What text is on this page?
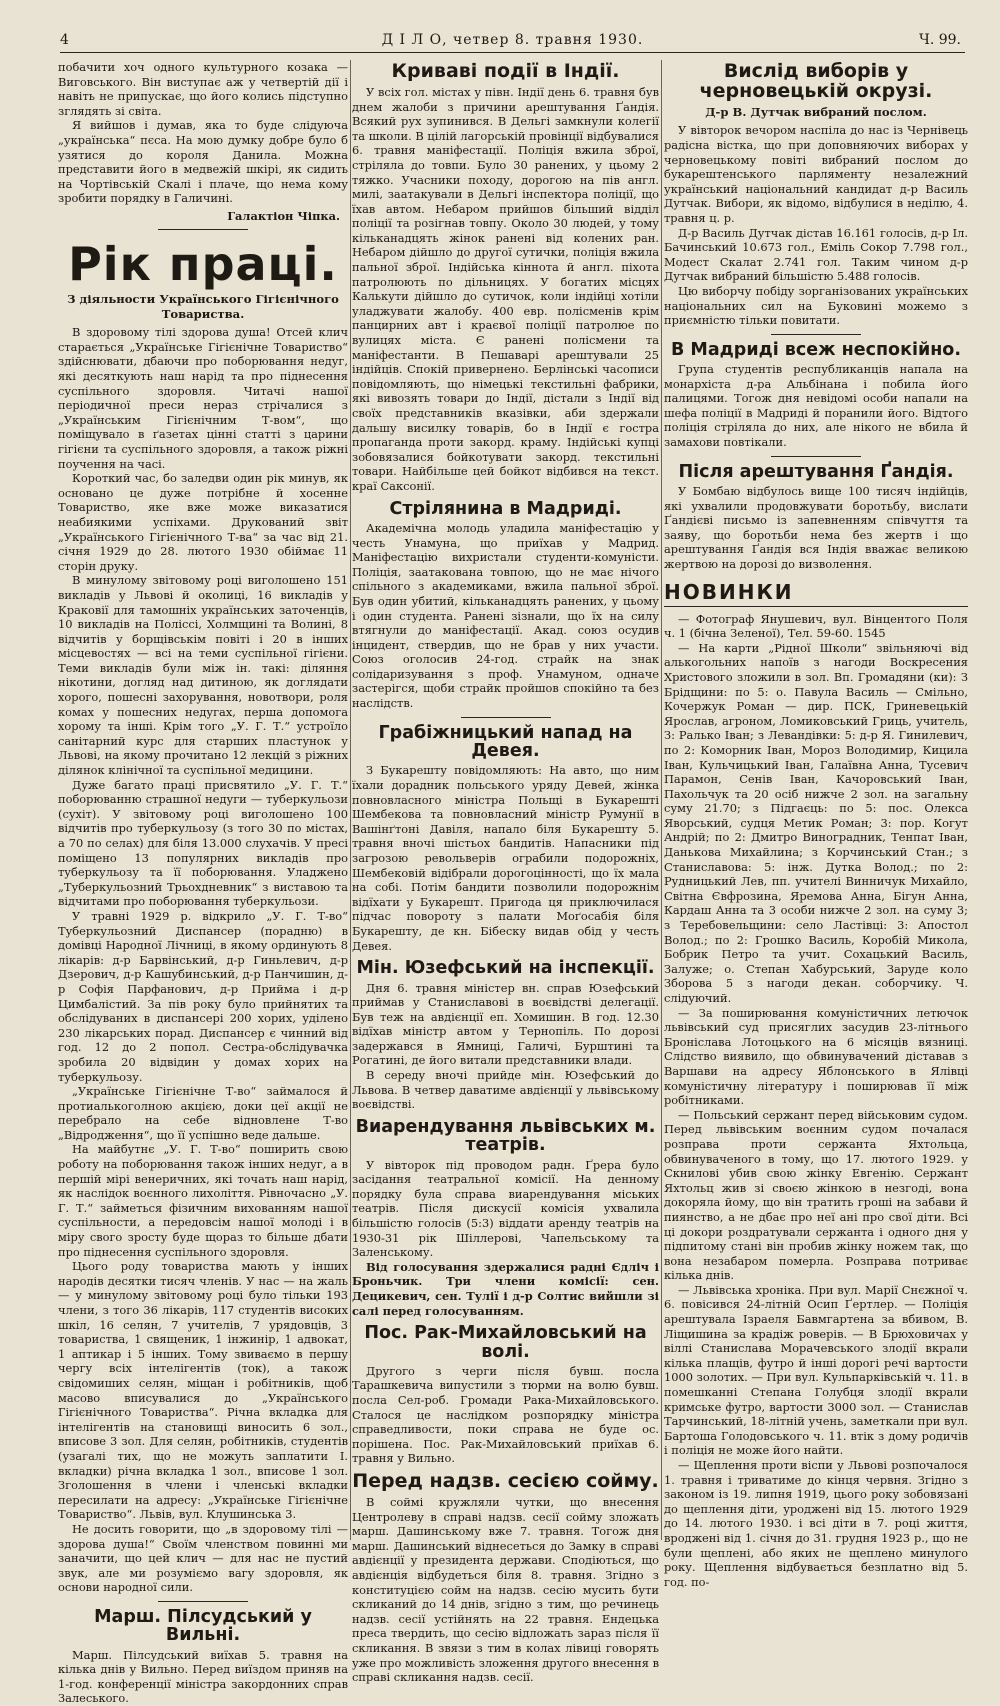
4	Д І Л О, четвер 8. травня 1930.	Ч. 99.

побачити хоч одного культурного козака — Виговського. Він виступає аж у четвертій дії і навіть не припускає, що його колись підступно зглядять зі світа.

Я вийшов і думав, яка то буде слідуюча „українська“ пєса. На мою думку добре було б узятися до короля Данила. Можна представити його в медвежій шкірі, як сидить на Чортівській Скалі і плаче, що нема кому зробити порядку в Галичині.

Галактіон Чіпка.
Рік праці.
З діяльности Українського Гігієнічного Товариства.

В здоровому тілі здорова душа! Отсей клич старається „Українське Гігієнічне Товариство“ здійснювати, дбаючи про поборювання недуг, які десяткують наш нарід та про піднесення суспільного здоровля. Читачі нашої періодичної преси нераз стрічалися з „Українським Гігієнічним Т-вом“, що поміщувало в ґазетах цінні статті з царини гігієни та суспільного здоровля, а також ріжні поучення на часі.

Короткий час, бо заледви один рік минув, як основано це дуже потрібне й хосенне Товариство, яке вже може виказатися неабиякими успіхами. Друкований звіт „Українського Гігієнічного Т-ва“ за час від 21. січня 1929 до 28. лютого 1930 обіймає 11 сторін друку.

В минулому звітовому році виголошено 151 викладів у Львові й околиці, 16 викладів у Краковії для тамошніх українських заточенців, 10 викладів на Поліссі, Холмщині та Волині, 8 відчитів у борщівськім повіті і 20 в інших місцевостях — всі на теми суспільної гігієни. Теми викладів були між ін. такі: діляння нікотини, догляд над дитиною, як доглядати хорого, пошесні захорування, новотвори, роля комах у пошесних недугах, перша допомога хорому та інші. Крім того „У. Г. Т.“ устроїло санітарний курс для старших пластунок у Львові, на якому прочитано 12 лекцій з ріжних ділянок клінічної та суспільної медицини.

Дуже багато праці присвятило „У. Г. Т.“ поборюванню страшної недуги — туберкульози (сухіт). У звітовому році виголошено 100 відчитів про туберкульозу (з того 30 по містах, а 70 по селах) для біля 13.000 слухачів. У пресі поміщено 13 популярних викладів про туберкульозу та її поборювання. Уладжено „Туберкульозний Трьохдневник“ з виставою та відчитами про поборювання туберкульози.

У травні 1929 р. відкрило „У. Г. Т-во“ Туберкульозний Диспансер (порадню) в домівці Народної Лічниці, в якому ординують 8 лікарів: д-р Барвінський, д-р Гиньлевич, д-р Дзерович, д-р Кашубинський, д-р Панчишин, д-р Софія Парфанович, д-р Прийма і д-р Цимбалістий. За пів року було прийнятих та обслідуваних в диспансері 200 хорих, уділено 230 лікарських порад. Диспансер є чинний від год. 12 до 2 попол. Сестра-обслідувачка зробила 20 відвідин у домах хорих на туберкульозу.

„Українське Гігієнічне Т-во“ займалося й протиалькоголною акцією, доки цеї акції не перебрало на себе відновлене Т-во „Відродження“, що її успішно веде дальше.

На майбутнє „У. Г. Т-во“ поширить свою роботу на поборювання також інших недуг, а в першій мірі венеричних, які точать наш нарід, як наслідок воєнного лихоліття. Рівночасно „У. Г. Т.“ займеться фізичним вихованням нашої суспільности, а передовсім нашої молоді і в міру свого зросту буде щораз то більше дбати про піднесення суспільного здоровля.

Цього роду товариства мають у інших народів десятки тисяч членів. У нас — на жаль — у минулому звітовому році було тільки 193 члени, з того 36 лікарів, 117 студентів високих шкіл, 16 селян, 7 учителів, 7 урядовців, 3 товариства, 1 священик, 1 інжинір, 1 адвокат, 1 аптикар і 5 інших. Тому звиваємо в першу чергу всіх інтелігентів (ток), а також свідомиших селян, міщан і робітників, щоб масово вписувалися до „Українського Гігієнічного Товариства“. Річна вкладка для інтелігентів на становищі виносить 6 зол., вписове 3 зол. Для селян, робітників, студентів (узагалі тих, що не можуть заплатити І. вкладки) річна вкладка 1 зол., вписове 1 зол. Зголошення в члени і членські вкладки пересилати на адресу: „Українське Гігієнічне Товариство“. Львів, вул. Клушинська 3.

Не досить говорити, що „в здоровому тілі — здорова душа!“ Своїм членством повинні ми заначити, що цей клич — для нас не пустий звук, але ми розуміємо вагу здоровля, як основи народної сили.

Марш. Пілсудський у Вильні.

Марш. Пілсудський виїхав 5. травня на кілька днів у Вильно. Перед виїздом приняв на 1-год. конференції міністра закордонних справ Залеського.

Криваві події в Індії.

У всіх гол. містах у півн. Індії день 6. травня був днем жалоби з причини арештування Ґандія. Всякий рух зупинився. В Дельгі замкнули колегії та школи. В цілій лагорській провінції відбувалися 6. травня маніфестації. Поліція вжила зброї, стріляла до товпи. Було 30 ранених, у цьому 2 тяжко. Учасники походу, дорогою на пів англ. милі, заатакували в Дельгі інспектора поліції, що їхав автом. Небаром прийшов більший відділ поліції та розігнав товпу. Около 30 людей, у тому кільканадцять жінок ранені від колених ран. Небаром дійшло до другої сутички, поліція вжила пальної зброї. Індійська кіннота й англ. піхота патролюють по дільницях. У богатих місцях Калькути дійшло до сутичок, коли індійці хотіли уладжувати жалобу. 400 евр. полісменів крім панцирних авт і краєвої поліції патролюе по вулицях міста. Є ранені полісмени та маніфестанти. В Пешаварі арештували 25 індійців. Спокій привернено. Берлінські часописи повідомляють, що німецькі текстильні фабрики, які вивозять товари до Індії, дістали з Індії від своїх представників вказівки, аби здержали дальшу висилку товарів, бо в Індії є гостра пропаганда проти закорд. краму. Індійські купці зобовязалися бойкотувати закорд. текстильні товари. Найбільше цей бойкот відбився на текст. краї Саксонії.

Стрілянина в Мадриді.

Академічна молодь уладила маніфестацію у честь Унамуна, що приїхав у Мадрид. Маніфестацію вихристали студенти-комуністи. Поліція, заатакована товпою, що не має нічого спільного з академиками, вжила пальної зброї. Був один убитий, кільканадцять ранених, у цьому і один студента. Ранені зізнали, що їх на силу втягнули до маніфестації. Акад. союз осудив інцидент, ствердив, що не брав у них участи. Союз оголосив 24-год. страйк на знак солідаризування з проф. Унамуном, одначе застерігся, щоби страйк пройшов спокійно та без наслідств.

Грабіжницький напад на Девея.

З Букарешту повідомляють: На авто, що ним їхали дорадник польського уряду Девей, жінка повновласного міністра Польщі в Букарешті Шембекова та повновласний міністр Румунії в Вашінґтоні Давіля, напало біля Букарешту 5. травня вночі шістьох бандитів. Напасники під загрозою револьверів ограбили подорожніх, Шембековій відібрали дорогоцінності, що їх мала на собі. Потім бандити позволили подорожнім відїхати у Букарешт. Пригода ця приключилася підчас повороту з палати Моґосабія біля Букарешту, де кн. Бібеску видав обід у честь Девея.

Мін. Юзефський на інспекції.

Дня 6. травня міністер вн. справ Юзефський приймав у Станиславові в воєвідстві делегації. Був теж на авдієнції еп. Хомишин. В год. 12.30 відїхав міністр автом у Тернопіль. По дорозі задержався в Ямниці, Галичі, Бурштині та Рогатині, де його витали представники влади.

В середу вночі прийде мін. Юзефський до Львова. В четвер даватиме авдієнції у львівському воєвідстві.

Виарендування львівських м. театрів.

У вівторок під проводом радн. Ґрера було засідання театральної комісії. На денному порядку була справа виарендування міських театрів. Після дискусії комісія ухвалила більшістю голосів (5:3) віддати аренду театрів на 1930-31 рік Шіллерові, Чапельському та Заленському.

Від голосування здержалися радні Єдліч і Броньчик. Три члени комісії: сен. Децикевич, сен. Тулії і д-р Солтис вийшли зі салі перед голосуванням.

Пос. Рак-Михайловський на волі.

Другого з черги після бувш. посла Тарашкевича випустили з тюрми на волю бувш. посла Сел-роб. Громади Рака-Михайловського. Сталося це наслідком розпорядку міністра справедливости, поки справа не буде ос. порішена. Пос. Рак-Михайловський приїхав 6. травня у Вильно.

Перед надзв. сесією сойму.

В соймі кружляли чутки, що внесення Центролеву в справі надзв. сесії сойму зложать марш. Дашинському вже 7. травня. Тогож дня марш. Дашинський віднесеться до Замку в справі авдієнції у президента держави. Сподіються, що авдієнція відбудеться біля 8. травня. Згідно з конституцією сойм на надзв. сесію мусить бути скликаний до 14 днів, згідно з тим, що речинець надзв. сесії устійнять на 22 травня. Ендецька преса твердить, що сесію відложать зараз після її скликання. В звязи з тим в колах лівиці говорять уже про можливість зложення другого внесення в справі скликання надзв. сесії.

Вислід виборів у черновецькій окрузі.
Д-р В. Дутчак вибраний послом.

У вівторок вечором наспіла до нас із Чернівець радісна вістка, що при доповняючих виборах у черновецькому повіті вибраний послом до букарештенського парляменту незалежний український національний кандидат д-р Василь Дутчак. Вибори, як відомо, відбулися в неділю, 4. травня ц. р.

Д-р Василь Дутчак дістав 16.161 голосів, д-р Іл. Бачинський 10.673 гол., Еміль Сокор 7.798 гол., Модест Скалат 2.741 гол. Таким чином д-р Дутчак вибраний більшістю 5.488 голосів.

Цю виборчу побіду зорганізованих українських національних сил на Буковині можемо з приємністю тільки повитати.

В Мадриді всеж неспокійно.

Група студентів республиканців напала на монархіста д-ра Альбінана і побила його палицями. Тогож дня невідомі особи напали на шефа поліції в Мадриді й поранили його. Відтого поліція стріляла до них, але нікого не вбила й замахови повтікали.

Після арештування Ґандія.

У Бомбаю відбулось вище 100 тисяч індійців, які ухвалили продовжувати боротьбу, вислати Ґандієві письмо із запевненням співчуття та заяву, що боротьби нема без жертв і що арештування Ґандія вся Індія вважає великою жертвою на дорозі до визволення.

НОВИНКИ

— Фотограф Янушевич, вул. Вінцентого Поля ч. 1 (бічна Зеленої), Тел. 59-60. 1545

— На карти „Рідної Школи“ звільняючі від алькогольних напоїв з нагоди Воскресения Христового зложили в зол. Вп. Громадяни (ки): З Брідщини: по 5: о. Павула Василь — Смільно, Кочержук Роман — дир. ПСК, Гриневецькій Ярослав, агроном, Ломиковський Гриць, учитель, З: Ралько Іван; з Левандівки: 5: д-р Я. Гинилевич, по 2: Коморник Іван, Мороз Володимир, Кицила Іван, Кульчицький Іван, Галаївна Анна, Тусевич Парамон, Сенів Іван, Качоровський Іван, Пахольчук та 20 осіб нижче 2 зол. на загальну суму 21.70; з Підгаєць: по 5: пос. Олекса Яворський, судця Метик Роман; 3: пор. Когут Андрій; по 2: Дмитро Виноградник, Тенпат Іван, Данькова Михайлина; з Корчинський Стан.; з Станиславова: 5: інж. Дутка Волод.; по 2: Рудницький Лев, пп. учителі Винничук Михайло, Світна Євфрозина, Яремова Анна, Бігун Анна, Кардаш Анна та 3 особи нижче 2 зол. на суму 3; з Теребовельщини: село Ластівці: 3: Апостол Волод.; по 2: Грошко Василь, Коробій Микола, Бобрик Петро та учит. Сохацький Василь, Залуже; о. Степан Хабурський, Заруде коло Зборова 5 з нагоди декан. соборчику. Ч. слідуючий.

— За поширювання комуністичних летючок львівський суд присяглих засудив 23-літнього Броніслава Лотоцького на 6 місяців вязниці. Слідство виявило, що обвинувачений діставав з Варшави на адресу Яблонського в Ялівці комуністичну літературу і поширював її між робітниками.

— Польський сержант перед військовим судом. Перед львівським воєнним судом почалася розправа проти сержанта Яхтольца, обвинуваченого в тому, що 17. лютого 1929. у Скнилові убив свою жінку Евгенію. Сержант Яхтольц жив зі своєю жінкою в незгоді, вона докоряла йому, що він тратить гроші на забави й пиянство, а не дбає про неї ані про свої діти. Всі ці докори роздратували сержанта і одного дня у підпитому стані він пробив жінку ножем так, що вона незабаром померла. Розправа потриває кілька днів.

— Львівська хроніка. При вул. Марії Снєжної ч. 6. повісився 24-літній Осип Ґертлер. — Поліція арештувала Ізраеля Бавмгартена за вбивом, В. Ліщишина за крадіж роверів. — В Брюховичах у віллі Станислава Морачевського злодії вкрали кілька плащів, футро й інші дорогі речі вартости 1000 золотих. — При вул. Кульпарківській ч. 11. в помешканні Степана Голубця злодії вкрали кримське футро, вартости 3000 зол. — Станислав Тарчинський, 18-літній учень, заметкали при вул. Бартоша Голодовського ч. 11. втік з дому родичів і поліція не може його найти.

— Щеплення проти віспи у Львові розпочалося 1. травня і триватиме до кінця червня. Згідно з законом із 19. липня 1919, цього року зобовязані до щеплення діти, уроджені від 15. лютого 1929 до 14. лютого 1930. і всі діти в 7. році життя, вроджені від 1. січня до 31. грудня 1923 р., що не були щеплені, або яких не щеплено минулого року. Щеплення відбувається безплатно від 5. год. по-
